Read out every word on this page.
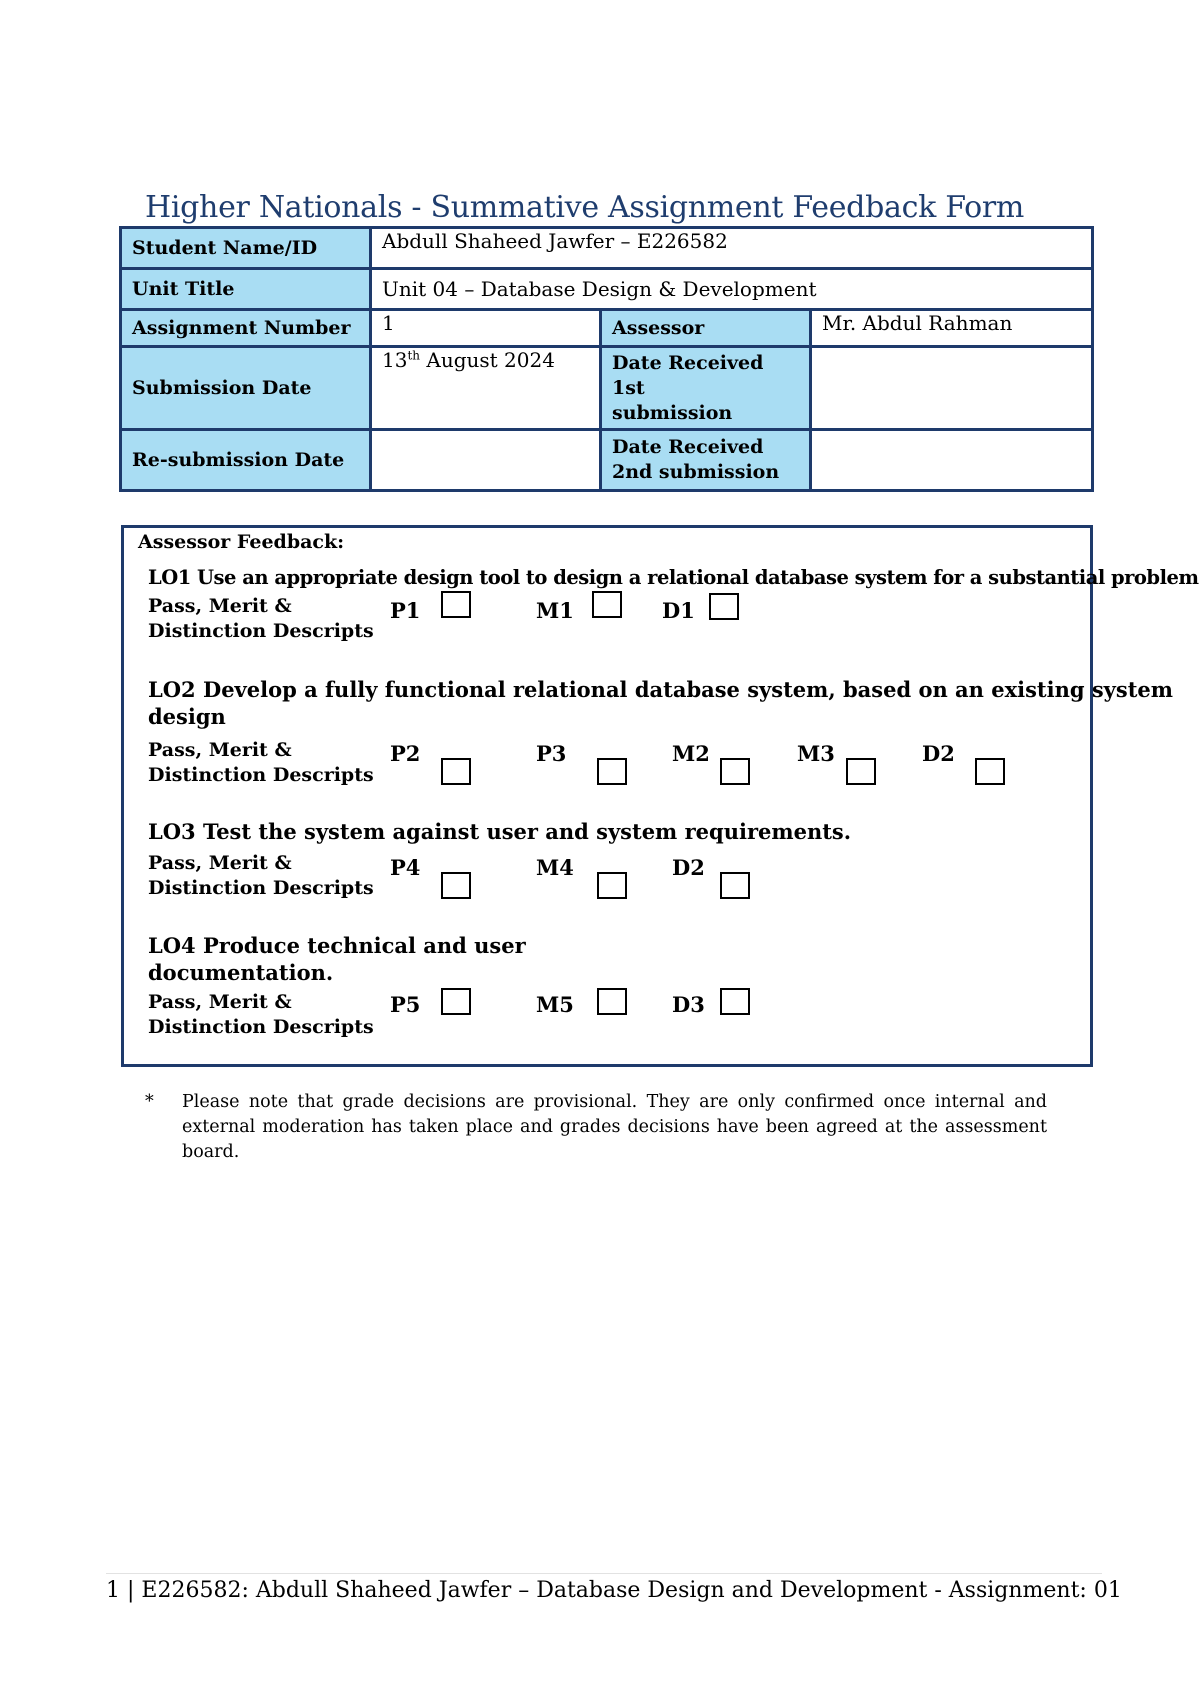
Higher Nationals - Summative Assignment Feedback Form
Student Name/ID	Abdull Shaheed Jawfer – E226582		

Unit Title	Unit 04 – Database Design & Development		
Assignment Number	1	Assessor	Mr. Abdul Rahman
Submission Date	13th August 2024	Date Received
1st
submission	
Re-submission Date		Date Received
2nd submission	
Assessor Feedback:
LO1 Use an appropriate design tool to design a relational database system for a substantial problem
Pass, Merit &
Distinction Descripts
P1	M1	D1
LO2 Develop a fully functional relational database system, based on an existing system
design
Pass, Merit &
Distinction Descripts
P2	P3	M2	M3	D2
LO3 Test the system against user and system requirements.
Pass, Merit &
Distinction Descripts
P4	M4	D2
LO4 Produce technical and user
documentation.
Pass, Merit &
Distinction Descripts
P5	M5	D3
* Please note that grade decisions are provisional. They are only confirmed once internal and external moderation has taken place and grades decisions have been agreed at the assessment board.
1 | E226582: Abdull Shaheed Jawfer – Database Design and Development - Assignment: 01
